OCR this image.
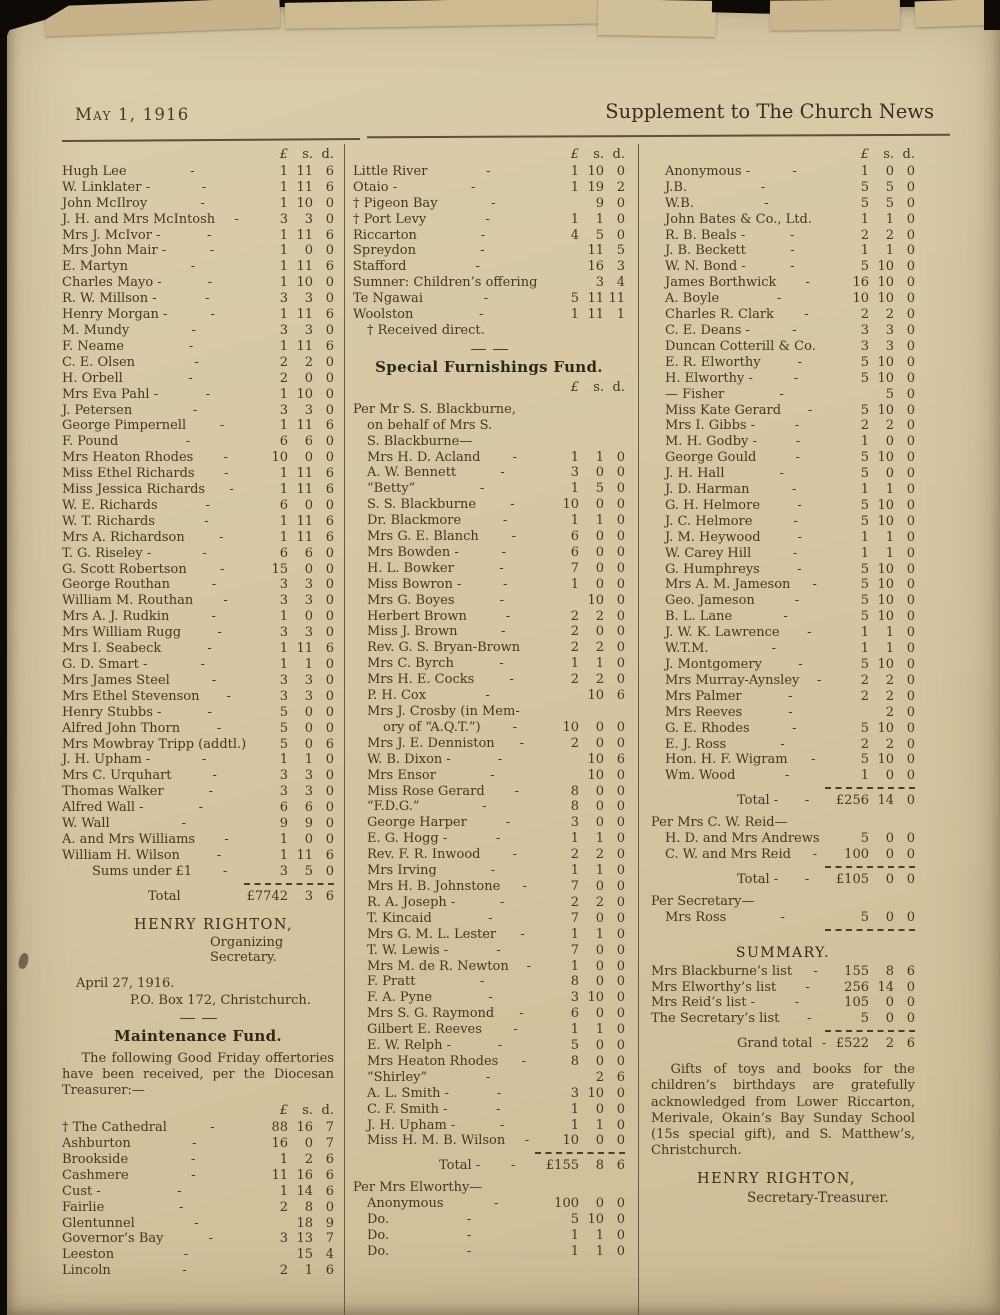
May 1, 1916	Supplement to The Church News
£	s. d.
Hugh Lee	-	1 11 6
W. Linklater -	-	1 11 6
John McIlroy	-	1 10 0
J. H. and Mrs McIntosh	-	3	3 0
Mrs J. McIvor -	-	1 11 6
Mrs John Mair -	-	1	0 0
E. Martyn	-	1 11 6
Charles Mayo -	-	1 10 0
R. W. Millson -	-	3	3 0
Henry Morgan -	-	1 11 6
M. Mundy	-	3	3 0
F. Neame	-	1 11 6
C. E. Olsen	-	2	2 0
H. Orbell	-	2	0 0
Mrs Eva Pahl -	-	1 10 0
J. Petersen	-	3	3 0
George Pimpernell	-	1 11 6
F. Pound	-	6	6 0
Mrs Heaton Rhodes	-	10	0 0
Miss Ethel Richards	-	1 11 6
Miss Jessica Richards	-	1 11 6
W. E. Richards	-	6	0 0
W. T. Richards	-	1 11 6
Mrs A. Richardson	-	1 11 6
T. G. Riseley -	-	6	6 0
G. Scott Robertson	-	15	0 0
George Routhan	-	3	3 0
William M. Routhan	-	3	3 0
Mrs A. J. Rudkin	-	1	0 0
Mrs William Rugg	-	3	3 0
Mrs I. Seabeck	-	1 11 6
G. D. Smart -	-	1	1 0
Mrs James Steel	-	3	3 0
Mrs Ethel Stevenson	-	3	3 0
Henry Stubbs -	-	5	0 0
Alfred John Thorn	-	5	0 0
Mrs Mowbray Tripp (addtl.)	5	0 6
J. H. Upham -	-	1	1 0
Mrs C. Urquhart	-	3	3 0
Thomas Walker	-	3	3 0
Alfred Wall -	-	6	6 0
W. Wall	-	9	9 0
A. and Mrs Williams	-	1	0 0
William H. Wilson	-	1 11 6
Sums under £1	-	3	5 0
Total	£7742	3 6
HENRY RIGHTON,
Organizing Secretary.
April 27, 1916.
P.O. Box 172, Christchurch.
Maintenance Fund.

The following Good Friday offertories have been received, per the Diocesan Treasurer:—

£	s. d.
† The Cathedral	-	88 16 7
Ashburton	-	16	0 7
Brookside	-	1	2 6
Cashmere	-	11 16 6
Cust -	-	1 14 6
Fairlie	-	2	8 0
Glentunnel	-	18 9
Governor’s Bay	-	3 13 7
Leeston	-	15 4
Lincoln	-	2	1 6
£	s. d.
Little River	-	1 10 0
Otaio -	-	1 19 2
† Pigeon Bay	-	9 0
† Port Levy	-	1	1 0
Riccarton	-	4	5 0
Spreydon	-	11 5
Stafford	-	16 3
Sumner: Children’s offering	3 4
Te Ngawai	-	5 11 11
Woolston	-	1 11 1
† Received direct.
Special Furnishings Fund.
£	s. d.
Per Mr S. S. Blackburne,
on behalf of Mrs S.
S. Blackburne—
Mrs H. D. Acland	-	1	1 0
A. W. Bennett	-	3	0 0
“Betty”	-	1	5 0
S. S. Blackburne	-	10	0 0
Dr. Blackmore	-	1	1 0
Mrs G. E. Blanch	-	6	0 0
Mrs Bowden -	-	6	0 0
H. L. Bowker	-	7	0 0
Miss Bowron -	-	1	0 0
Mrs G. Boyes	-	10 0
Herbert Brown	-	2	2 0
Miss J. Brown	-	2	0 0
Rev. G. S. Bryan-Brown	2	2 0
Mrs C. Byrch	-	1	1 0
Mrs H. E. Cocks	-	2	2 0
P. H. Cox	-	10 6
Mrs J. Crosby (in Mem-
ory of “A.Q.T.”)	-	10	0 0
Mrs J. E. Denniston	-	2	0 0
W. B. Dixon -	-	10 6
Mrs Ensor	-	10 0
Miss Rose Gerard	-	8	0 0
“F.D.G.”	-	8	0 0
George Harper	-	3	0 0
E. G. Hogg -	-	1	1 0
Rev. F. R. Inwood	-	2	2 0
Mrs Irving	-	1	1 0
Mrs H. B. Johnstone	-	7	0 0
R. A. Joseph -	-	2	2 0
T. Kincaid	-	7	0 0
Mrs G. M. L. Lester	-	1	1 0
T. W. Lewis -	-	7	0 0
Mrs M. de R. Newton	-	1	0 0
F. Pratt	-	8	0 0
F. A. Pyne	-	3 10 0
Mrs S. G. Raymond	-	6	0 0
Gilbert E. Reeves	-	1	1 0
E. W. Relph -	-	5	0 0
Mrs Heaton Rhodes	-	8	0 0
“Shirley”	-	2 6
A. L. Smith -	-	3 10 0
C. F. Smith -	-	1	0 0
J. H. Upham -	-	1	1 0
Miss H. M. B. Wilson	-	10	0 0
Total -	-	£155	8 6
Per Mrs Elworthy—
Anonymous	-	100	0 0
Do.	-	5 10 0
Do.	-	1	1 0
Do.	-	1	1 0
£	s. d.
Anonymous -	-	1	0 0
J.B.	-	5	5 0
W.B.	-	5	5 0
John Bates & Co., Ltd.	1	1 0
R. B. Beals -	-	2	2 0
J. B. Beckett	-	1	1 0
W. N. Bond -	-	5 10 0
James Borthwick	-	16 10 0
A. Boyle	-	10 10 0
Charles R. Clark	-	2	2 0
C. E. Deans -	-	3	3 0
Duncan Cotterill & Co.	3	3 0
E. R. Elworthy	-	5 10 0
H. Elworthy -	-	5 10 0
— Fisher	-	5 0
Miss Kate Gerard	-	5 10 0
Mrs I. Gibbs -	-	2	2 0
M. H. Godby -	-	1	0 0
George Gould	-	5 10 0
J. H. Hall	-	5	0 0
J. D. Harman	-	1	1 0
G. H. Helmore	-	5 10 0
J. C. Helmore	-	5 10 0
J. M. Heywood	-	1	1 0
W. Carey Hill	-	1	1 0
G. Humphreys	-	5 10 0
Mrs A. M. Jameson	-	5 10 0
Geo. Jameson	-	5 10 0
B. L. Lane	-	5 10 0
J. W. K. Lawrence	-	1	1 0
W.T.M.	-	1	1 0
J. Montgomery	-	5 10 0
Mrs Murray-Aynsley	-	2	2 0
Mrs Palmer	-	2	2 0
Mrs Reeves	-	2 0
G. E. Rhodes	-	5 10 0
E. J. Ross	-	2	2 0
Hon. H. F. Wigram	-	5 10 0
Wm. Wood	-	1	0 0
Total -	-	£256 14 0
Per Mrs C. W. Reid—
H. D. and Mrs Andrews	5	0 0
C. W. and Mrs Reid	-	100	0 0
Total -	-	£105	0 0
Per Secretary—
Mrs Ross	-	5	0 0
SUMMARY.
Mrs Blackburne’s list	-	155	8 6
Mrs Elworthy’s list	-	256 14 0
Mrs Reid’s list -	-	105	0 0
The Secretary’s list	-	5	0 0
Grand total - £522	2 6

Gifts of toys and books for the children’s birthdays are gratefully acknowledged from Lower Riccarton, Merivale, Okain’s Bay Sunday School (15s special gift), and S. Matthew’s, Christchurch.

HENRY RIGHTON,
Secretary-Treasurer.
